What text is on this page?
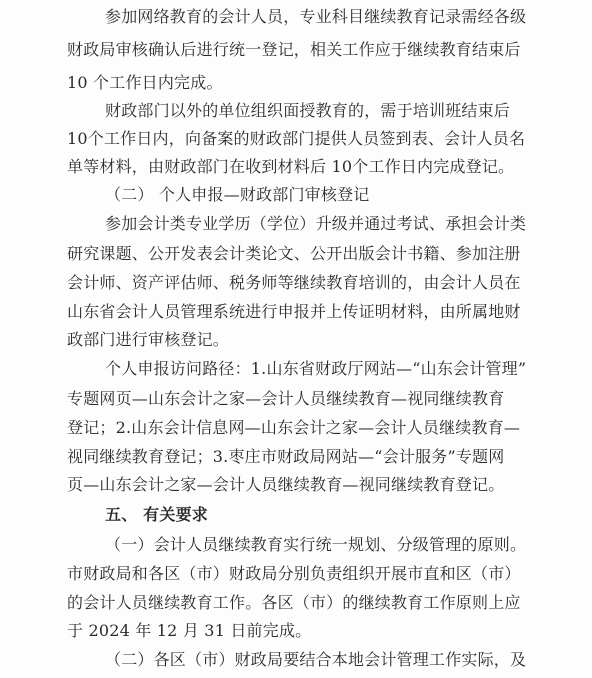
参加网络教育的会计人员，专业科目继续教育记录需经各级
财政局审核确认后进行统一登记，相关工作应于继续教育结束后
10 个工作日内完成。
财政部门以外的单位组织面授教育的，需于培训班结束后
10个工作日内，向备案的财政部门提供人员签到表、会计人员名
单等材料，由财政部门在收到材料后 10个工作日内完成登记。
（二） 个人申报—财政部门审核登记
参加会计类专业学历（学位）升级并通过考试、承担会计类
研究课题、公开发表会计类论文、公开出版会计书籍、参加注册
会计师、资产评估师、税务师等继续教育培训的，由会计人员在
山东省会计人员管理系统进行申报并上传证明材料，由所属地财
政部门进行审核登记。
个人申报访问路径：1.山东省财政厅网站—“山东会计管理”
专题网页—山东会计之家—会计人员继续教育—视同继续教育
登记；2.山东会计信息网—山东会计之家—会计人员继续教育—
视同继续教育登记；3.枣庄市财政局网站—“会计服务”专题网
页—山东会计之家—会计人员继续教育—视同继续教育登记。
五、 有关要求
（一）会计人员继续教育实行统一规划、分级管理的原则。
市财政局和各区（市）财政局分别负责组织开展市直和区（市）
的会计人员继续教育工作。各区（市）的继续教育工作原则上应
于 2024 年 12 月 31 日前完成。
（二）各区（市）财政局要结合本地会计管理工作实际，及
